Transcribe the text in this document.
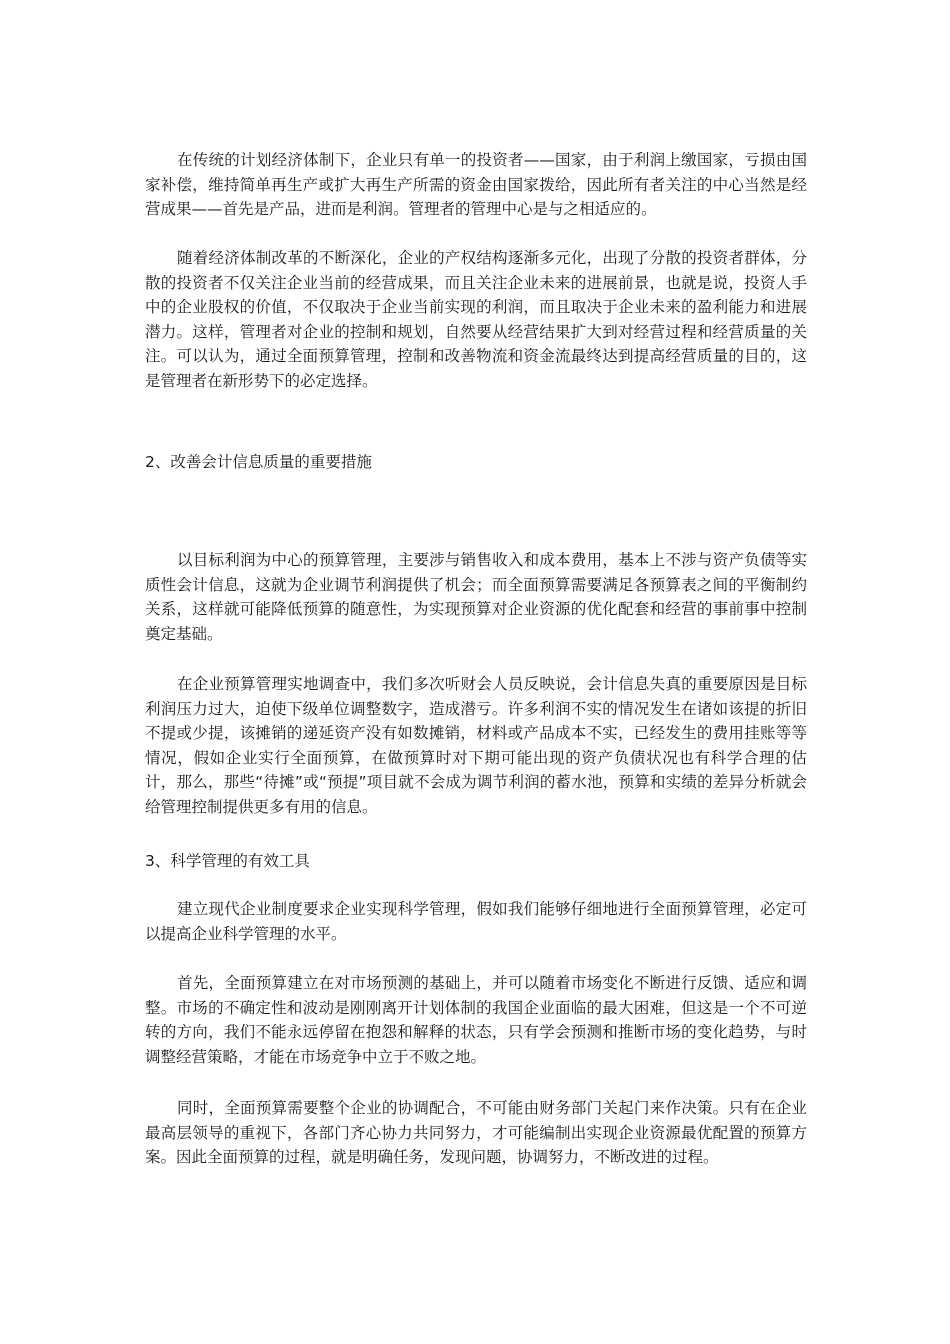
在传统的计划经济体制下，企业只有单一的投资者——国家，由于利润上缴国家，亏损由国家补偿，维持简单再生产或扩大再生产所需的资金由国家拨给，因此所有者关注的中心当然是经营成果——首先是产品，进而是利润。管理者的管理中心是与之相适应的。

随着经济体制改革的不断深化，企业的产权结构逐渐多元化，出现了分散的投资者群体，分散的投资者不仅关注企业当前的经营成果，而且关注企业未来的进展前景，也就是说，投资人手中的企业股权的价值，不仅取决于企业当前实现的利润，而且取决于企业未来的盈利能力和进展潜力。这样，管理者对企业的控制和规划，自然要从经营结果扩大到对经营过程和经营质量的关注。可以认为，通过全面预算管理，控制和改善物流和资金流最终达到提高经营质量的目的，这是管理者在新形势下的必定选择。

2、改善会计信息质量的重要措施

以目标利润为中心的预算管理，主要涉与销售收入和成本费用，基本上不涉与资产负债等实质性会计信息，这就为企业调节利润提供了机会；而全面预算需要满足各预算表之间的平衡制约关系，这样就可能降低预算的随意性，为实现预算对企业资源的优化配套和经营的事前事中控制奠定基础。

在企业预算管理实地调查中，我们多次听财会人员反映说，会计信息失真的重要原因是目标利润压力过大，迫使下级单位调整数字，造成潜亏。许多利润不实的情况发生在诸如该提的折旧不提或少提，该摊销的递延资产没有如数摊销，材料或产品成本不实，已经发生的费用挂账等等情况，假如企业实行全面预算，在做预算时对下期可能出现的资产负债状况也有科学合理的估计，那么，那些“待摊”或“预提”项目就不会成为调节利润的蓄水池，预算和实绩的差异分析就会给管理控制提供更多有用的信息。

3、科学管理的有效工具

建立现代企业制度要求企业实现科学管理，假如我们能够仔细地进行全面预算管理，必定可以提高企业科学管理的水平。

首先，全面预算建立在对市场预测的基础上，并可以随着市场变化不断进行反馈、适应和调整。市场的不确定性和波动是刚刚离开计划体制的我国企业面临的最大困难，但这是一个不可逆转的方向，我们不能永远停留在抱怨和解释的状态，只有学会预测和推断市场的变化趋势，与时调整经营策略，才能在市场竞争中立于不败之地。

同时，全面预算需要整个企业的协调配合，不可能由财务部门关起门来作决策。只有在企业最高层领导的重视下，各部门齐心协力共同努力，才可能编制出实现企业资源最优配置的预算方案。因此全面预算的过程，就是明确任务，发现问题，协调努力，不断改进的过程。
